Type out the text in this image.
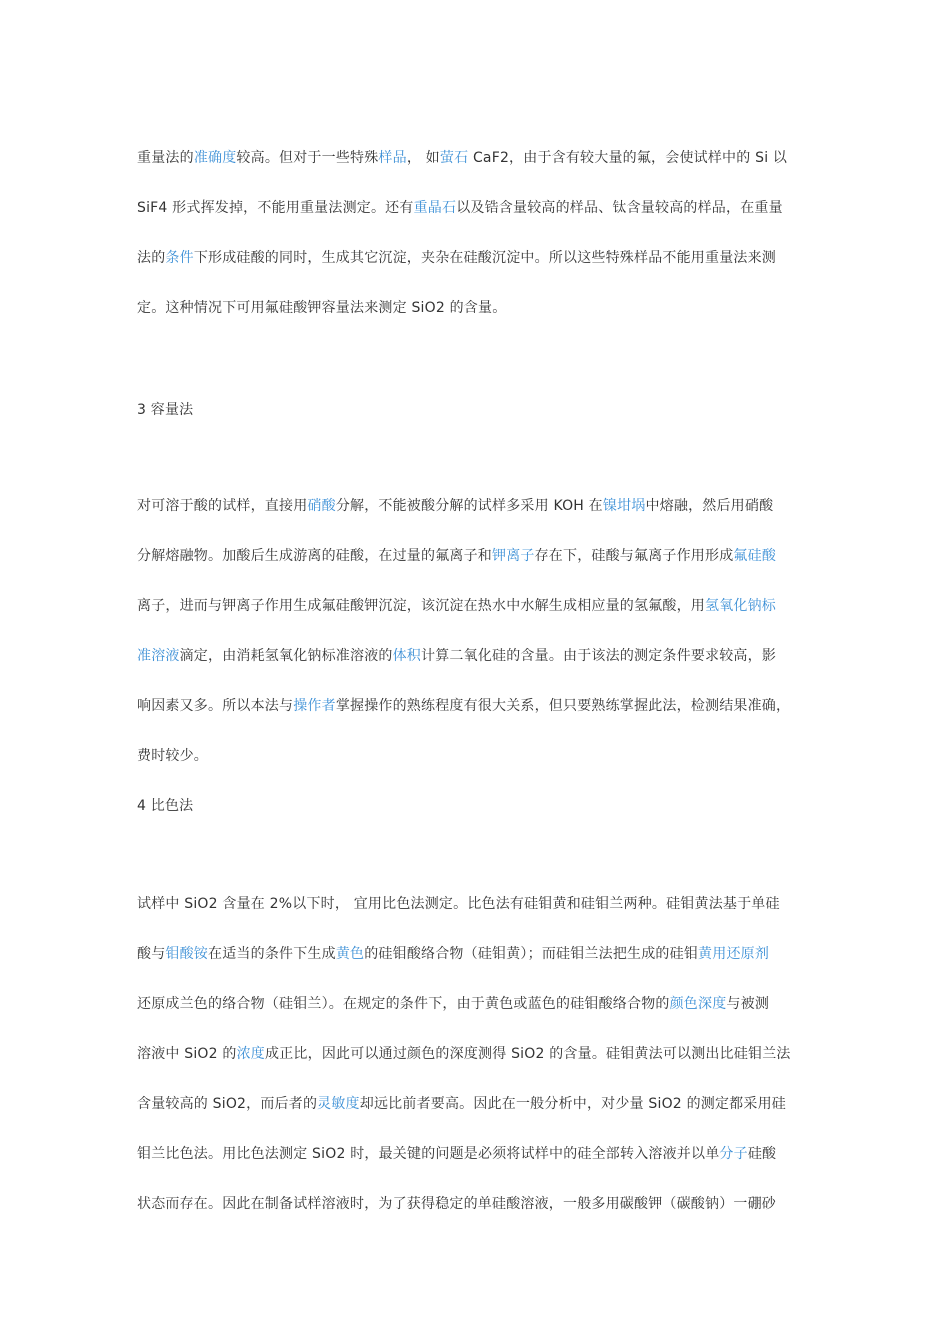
重量法的准确度较高。但对于一些特殊样品， 如萤石 CaF2，由于含有较大量的氟，会使试样中的 Si 以
SiF4 形式挥发掉，不能用重量法测定。还有重晶石以及锆含量较高的样品、钛含量较高的样品，在重量
法的条件下形成硅酸的同时，生成其它沉淀，夹杂在硅酸沉淀中。所以这些特殊样品不能用重量法来测
定。这种情况下可用氟硅酸钾容量法来测定 SiO2 的含量。
3 容量法
对可溶于酸的试样，直接用硝酸分解，不能被酸分解的试样多采用 KOH 在镍坩埚中熔融，然后用硝酸
分解熔融物。加酸后生成游离的硅酸，在过量的氟离子和钾离子存在下，硅酸与氟离子作用形成氟硅酸
离子，进而与钾离子作用生成氟硅酸钾沉淀，该沉淀在热水中水解生成相应量的氢氟酸，用氢氧化钠标
准溶液滴定，由消耗氢氧化钠标准溶液的体积计算二氧化硅的含量。由于该法的测定条件要求较高，影
响因素又多。所以本法与操作者掌握操作的熟练程度有很大关系，但只要熟练掌握此法，检测结果准确，
费时较少。
4 比色法
试样中 SiO2 含量在 2%以下时， 宜用比色法测定。比色法有硅钼黄和硅钼兰两种。硅钼黄法基于单硅
酸与钼酸铵在适当的条件下生成黄色的硅钼酸络合物（硅钼黄）；而硅钼兰法把生成的硅钼黄用还原剂
还原成兰色的络合物（硅钼兰）。在规定的条件下，由于黄色或蓝色的硅钼酸络合物的颜色深度与被测
溶液中 SiO2 的浓度成正比，因此可以通过颜色的深度测得 SiO2 的含量。硅钼黄法可以测出比硅钼兰法
含量较高的 SiO2，而后者的灵敏度却远比前者要高。因此在一般分析中，对少量 SiO2 的测定都采用硅
钼兰比色法。用比色法测定 SiO2 时，最关键的问题是必须将试样中的硅全部转入溶液并以单分子硅酸
状态而存在。因此在制备试样溶液时，为了获得稳定的单硅酸溶液，一般多用碳酸钾（碳酸钠）一硼砂
